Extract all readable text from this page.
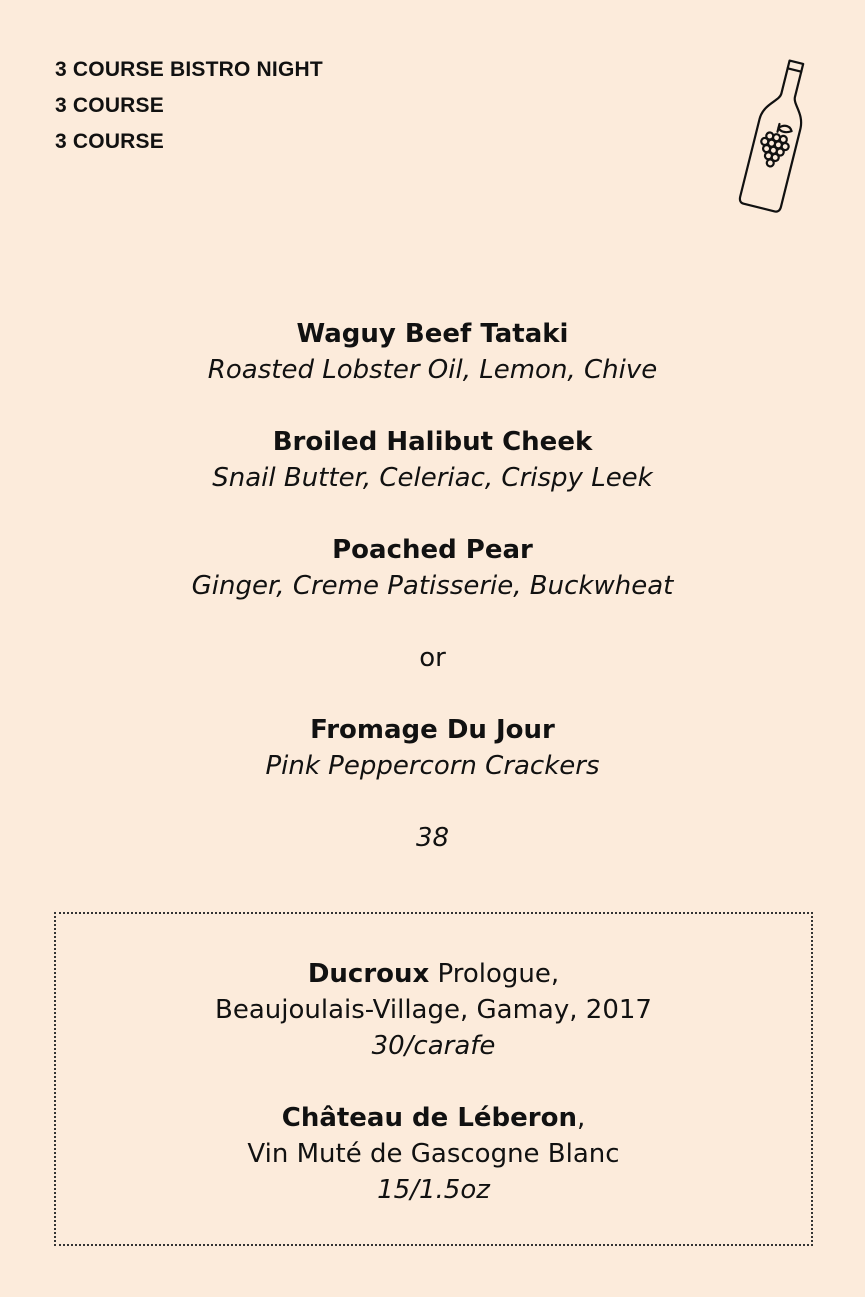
3 COURSE BISTRO NIGHT
3 COURSE
3 COURSE
Waguy Beef Tataki
Roasted Lobster Oil, Lemon, Chive
Broiled Halibut Cheek
Snail Butter, Celeriac, Crispy Leek
Poached Pear
Ginger, Creme Patisserie, Buckwheat
or
Fromage Du Jour
Pink Peppercorn Crackers
38
Ducroux Prologue,
Beaujoulais-Village, Gamay, 2017
30/carafe
Château de Léberon,
Vin Muté de Gascogne Blanc
15/1.5oz
